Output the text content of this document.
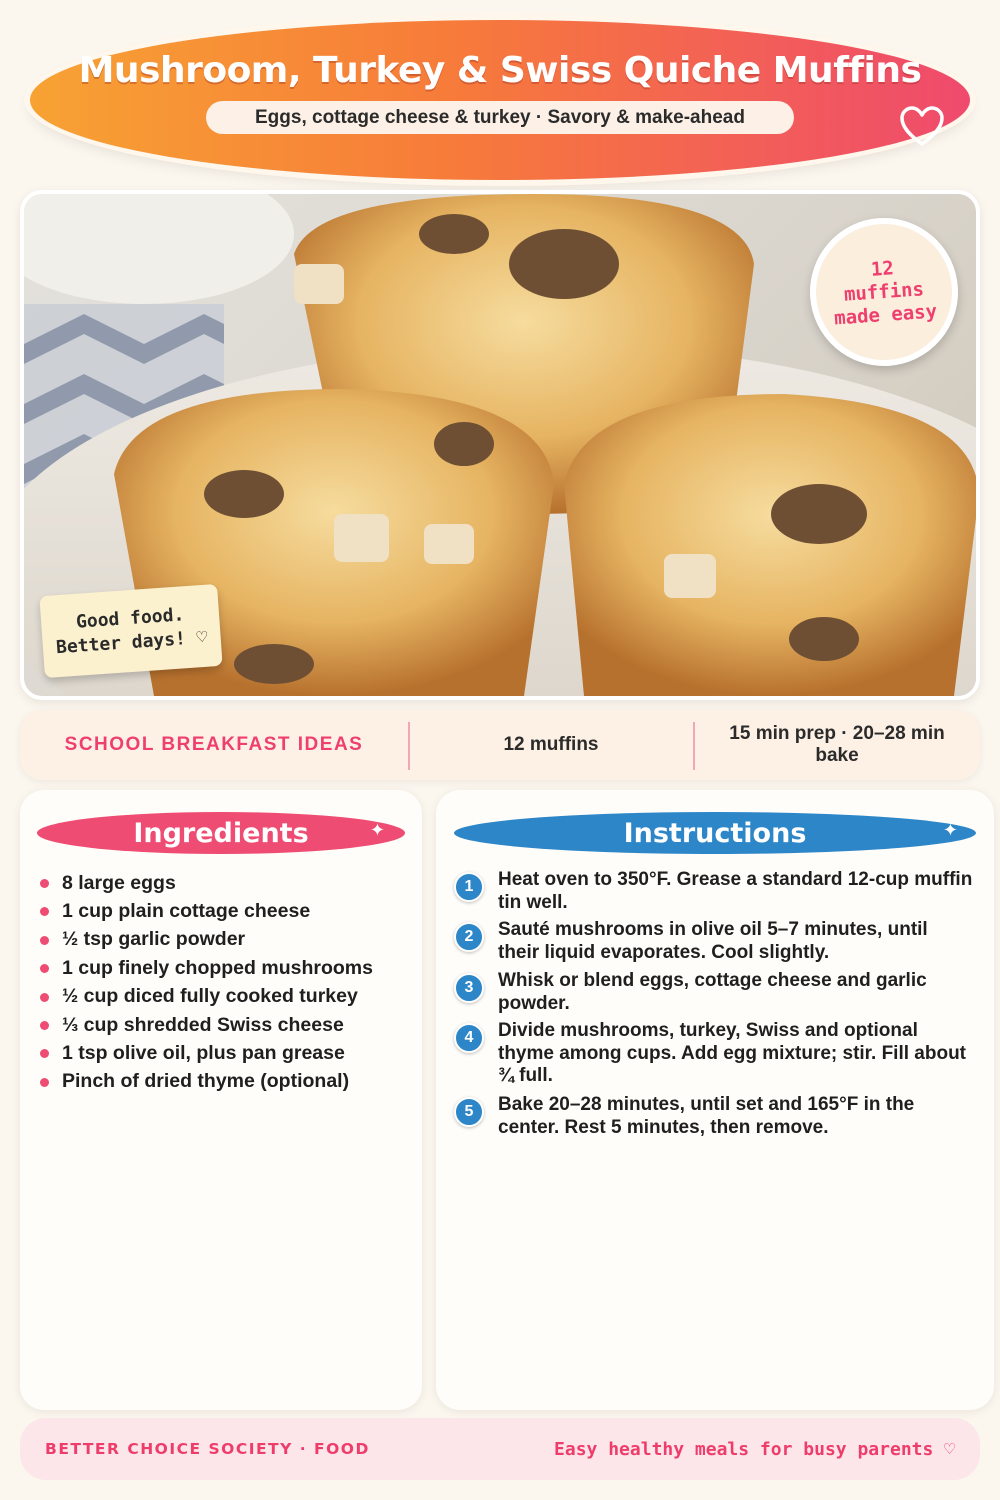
Mushroom, Turkey & Swiss Quiche Muffins
Eggs, cottage cheese & turkey · Savory & make-ahead
12
muffins
made easy
Good food.
Better days! ♡
SCHOOL BREAKFAST IDEAS	12 muffins
15 min prep · 20–28 min bake
Ingredients	✦
8 large eggs
1 cup plain cottage cheese
½ tsp garlic powder
1 cup finely chopped mushrooms
½ cup diced fully cooked turkey
⅓ cup shredded Swiss cheese
1 tsp olive oil, plus pan grease
Pinch of dried thyme (optional)
Instructions	✦
1	Heat oven to 350°F. Grease a standard 12-cup muffin tin well.
2	Sauté mushrooms in olive oil 5–7 minutes, until their liquid evaporates. Cool slightly.
3	Whisk or blend eggs, cottage cheese and garlic powder.
4	Divide mushrooms, turkey, Swiss and optional thyme among cups. Add egg mixture; stir. Fill about ¾ full.
5	Bake 20–28 minutes, until set and 165°F in the center. Rest 5 minutes, then remove.
BETTER CHOICE SOCIETY · FOOD	Easy healthy meals for busy parents ♡
